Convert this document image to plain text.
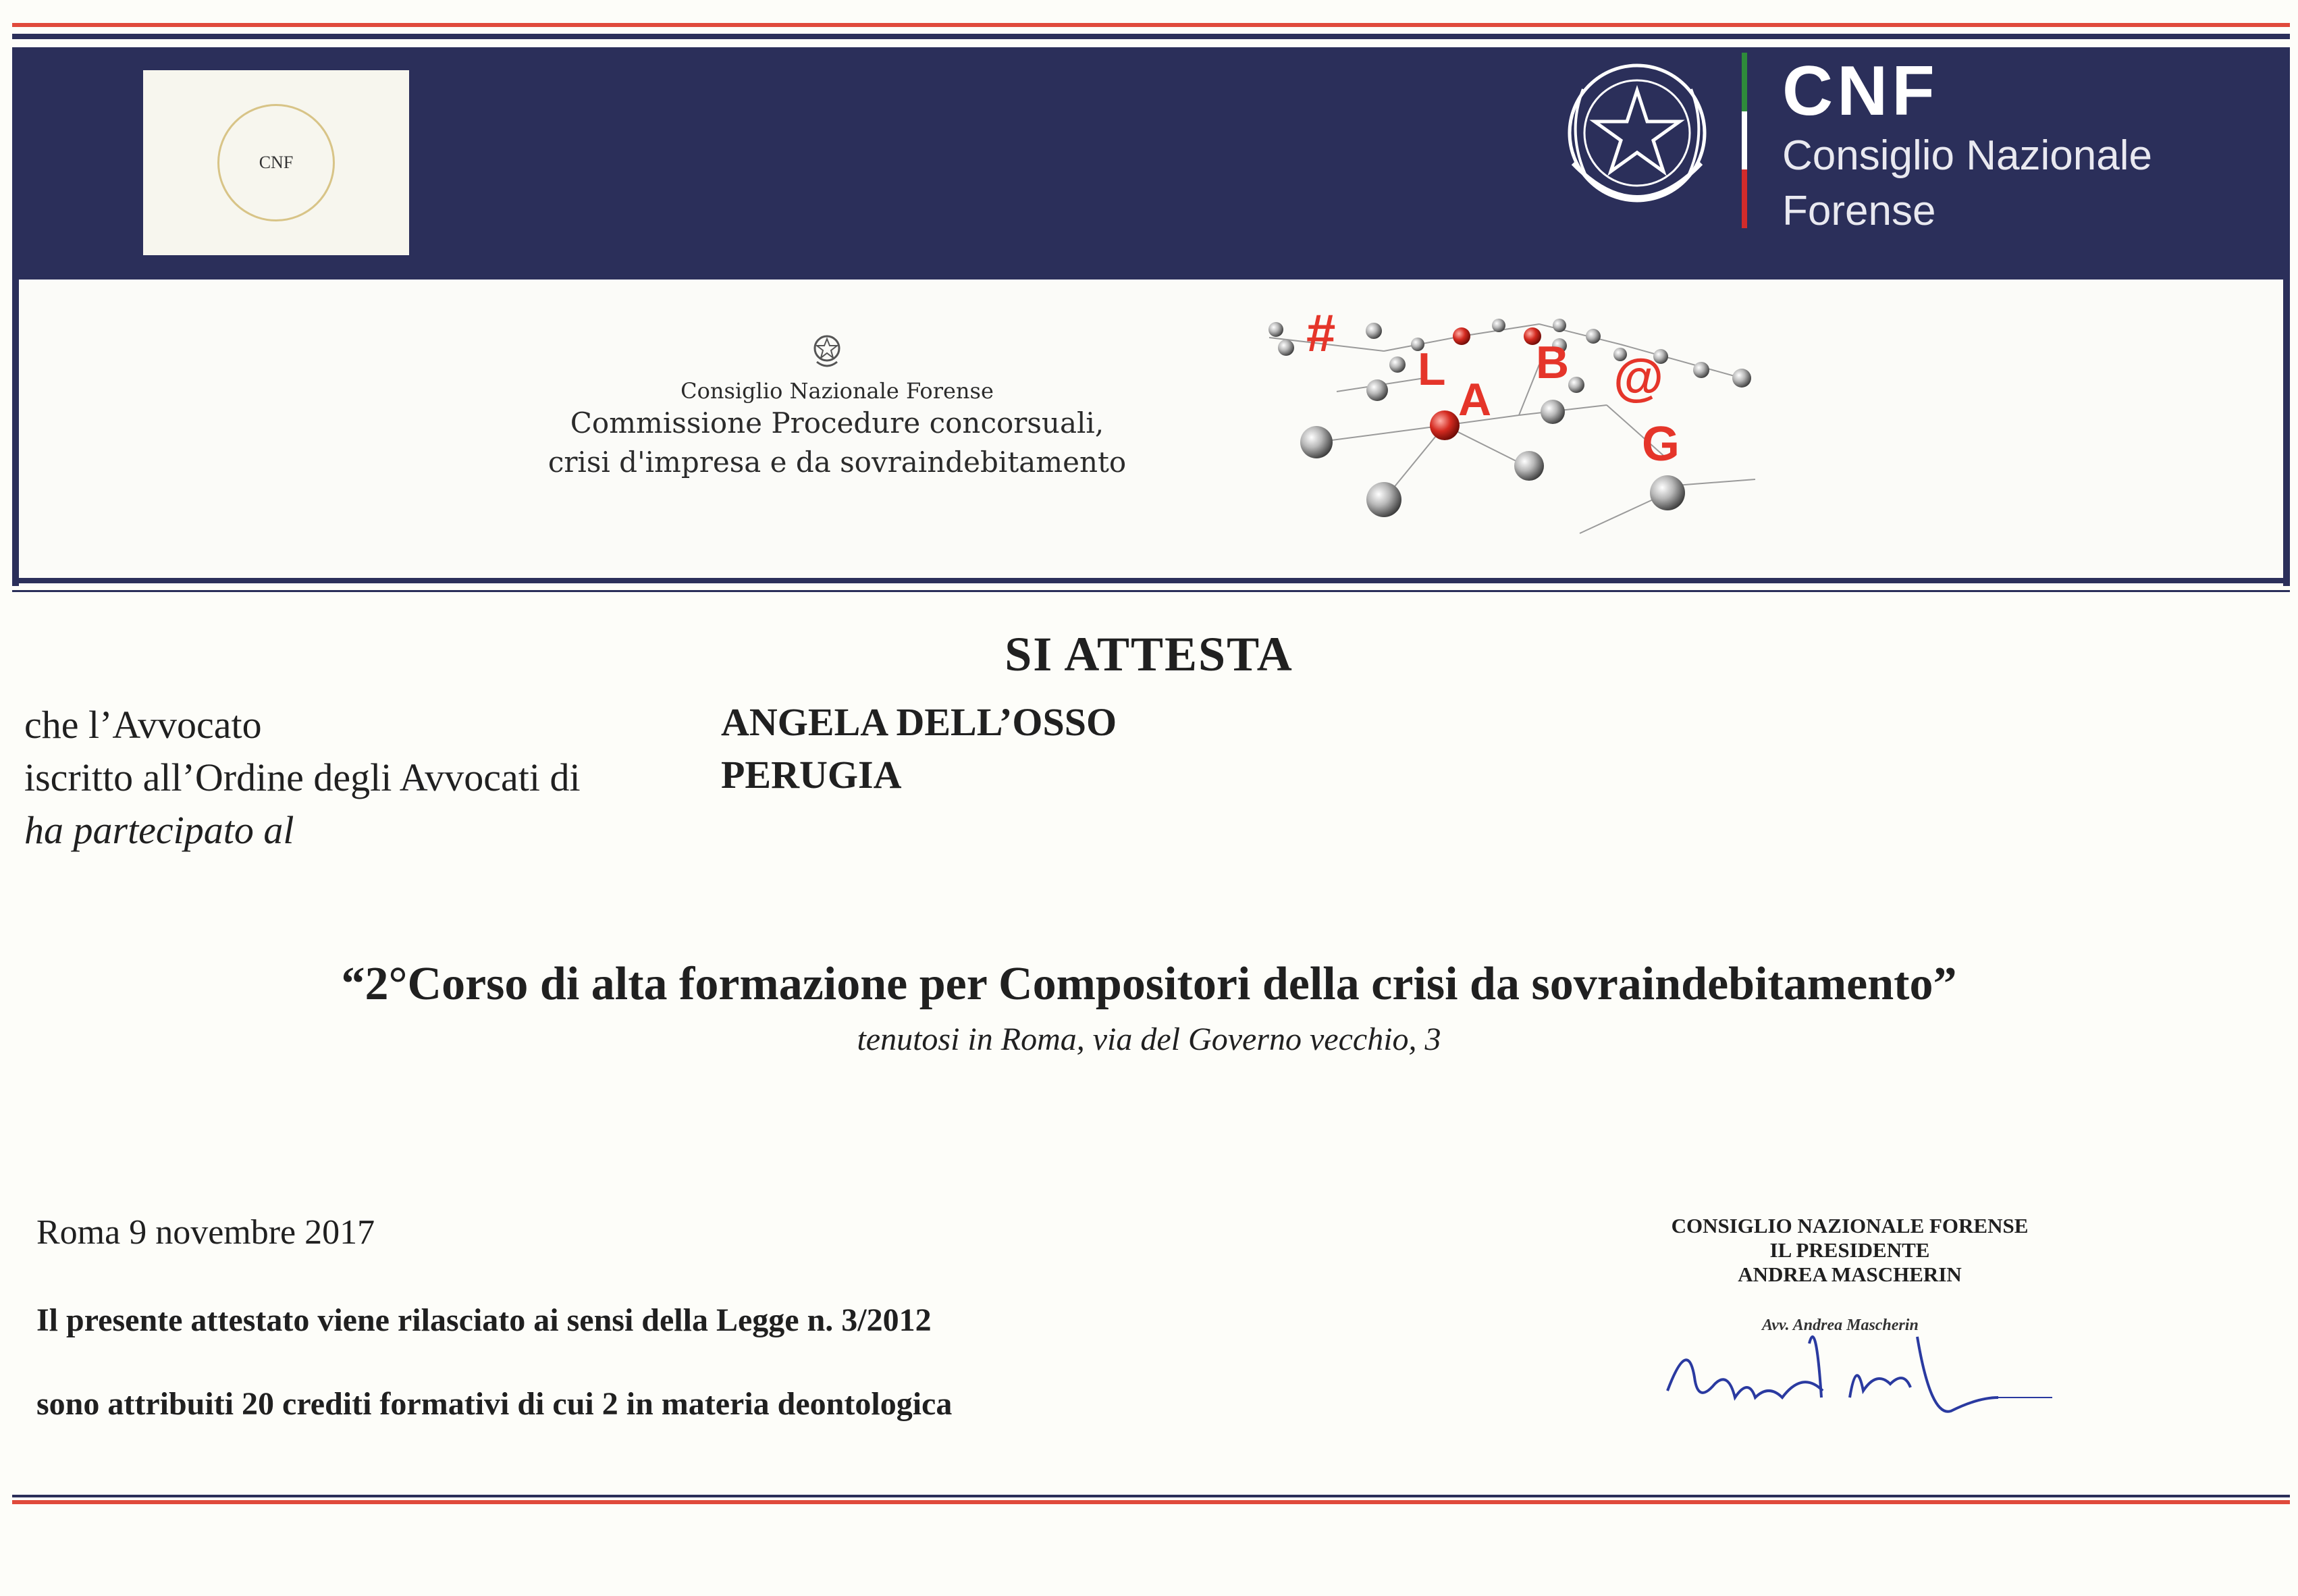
CNF
CNF
Consiglio Nazionale
Forense
Consiglio Nazionale Forense
Commissione Procedure concorsuali,
crisi d'impresa e da sovraindebitamento
#
L
A
B @
G
SI ATTESTA
che l’Avvocato	ANGELA DELL’OSSO
iscritto all’Ordine degli Avvocati di	PERUGIA
ha partecipato al
“2°Corso di alta formazione per Compositori della crisi da sovraindebitamento”
tenutosi in Roma, via del Governo vecchio, 3
Roma 9 novembre 2017
Il presente attestato viene rilasciato ai sensi della Legge n. 3/2012
sono attribuiti 20 crediti formativi di cui 2 in materia deontologica
CONSIGLIO NAZIONALE FORENSE
IL PRESIDENTE
ANDREA MASCHERIN
Avv. Andrea Mascherin
